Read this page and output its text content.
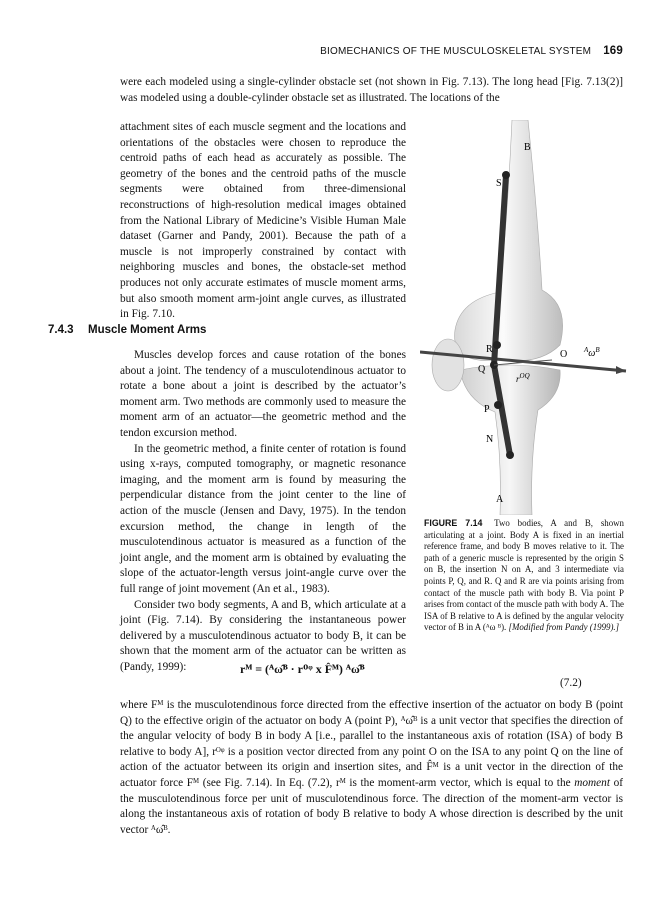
BIOMECHANICS OF THE MUSCULOSKELETAL SYSTEM 169

were each modeled using a single-cylinder obstacle set (not shown in Fig. 7.13). The long head [Fig. 7.13(2)] was modeled using a double-cylinder obstacle set as illustrated. The locations of the

attachment sites of each muscle segment and the locations and orientations of the obstacles were chosen to reproduce the centroid paths of each head as accurately as possible. The geometry of the bones and the centroid paths of the muscle segments were obtained from three-dimensional reconstructions of high-resolution medical images obtained from the National Library of Medicine’s Visible Human Male dataset (Garner and Pandy, 2001). Because the path of a muscle is not improperly constrained by contact with neighboring muscles and bones, the obstacle-set method produces not only accurate estimates of muscle moment arms, but also smooth moment arm-joint angle curves, as illustrated in Fig. 7.10.

7.4.3 Muscle Moment Arms

Muscles develop forces and cause rotation of the bones about a joint. The tendency of a musculotendinous actuator to rotate a bone about a joint is described by the actuator’s moment arm. Two methods are commonly used to measure the moment arm of an actuator—the geometric method and the tendon excursion method.

In the geometric method, a finite center of rotation is found using x-rays, computed tomography, or magnetic resonance imaging, and the moment arm is found by measuring the perpendicular distance from the joint center to the line of action of the muscle (Jensen and Davy, 1975). In the tendon excursion method, the change in length of the musculotendinous actuator is measured as a function of the joint angle, and the moment arm is obtained by evaluating the slope of the actuator-length versus joint-angle curve over the full range of joint movement (An et al., 1983).

Consider two body segments, A and B, which articulate at a joint (Fig. 7.14). By considering the instantaneous power delivered by a musculotendinous actuator to body B, it can be shown that the moment arm of the actuator can be written as (Pandy, 1999):

B
S
R
Q
O
$r^{OQ}$
$^A\omega^B$
P
N
A
FIGURE 7.14 Two bodies, A and B, shown articulating at a joint. Body A is fixed in an inertial reference frame, and body B moves relative to it. The path of a generic muscle is represented by the origin S on B, the insertion N on A, and 3 intermediate via points P, Q, and R. Q and R are via points arising from contact of the muscle path with body B. Via point P arises from contact of the muscle path with body A. The ISA of B relative to A is defined by the angular velocity vector of B in A (ᴬω ᴮ). [Modified from Pandy (1999).]
rᴹ = (ᴬω̂ᴮ · rᴼᵠ x F̂ᴹ) ᴬω̂ᴮ
(7.2)

where Fᴹ is the musculotendinous force directed from the effective insertion of the actuator on body B (point Q) to the effective origin of the actuator on body A (point P), ᴬω̂ᴮ is a unit vector that specifies the direction of the angular velocity of body B in body A [i.e., parallel to the instantaneous axis of rotation (ISA) of body B relative to body A], rᴼᵠ is a position vector directed from any point O on the ISA to any point Q on the line of action of the actuator between its origin and insertion sites, and F̂ᴹ is a unit vector in the direction of the actuator force Fᴹ (see Fig. 7.14). In Eq. (7.2), rᴹ is the moment-arm vector, which is equal to the moment of the musculotendinous force per unit of musculotendinous force. The direction of the moment-arm vector is along the instantaneous axis of rotation of body B relative to body A whose direction is described by the unit vector ᴬω̂ᴮ.
